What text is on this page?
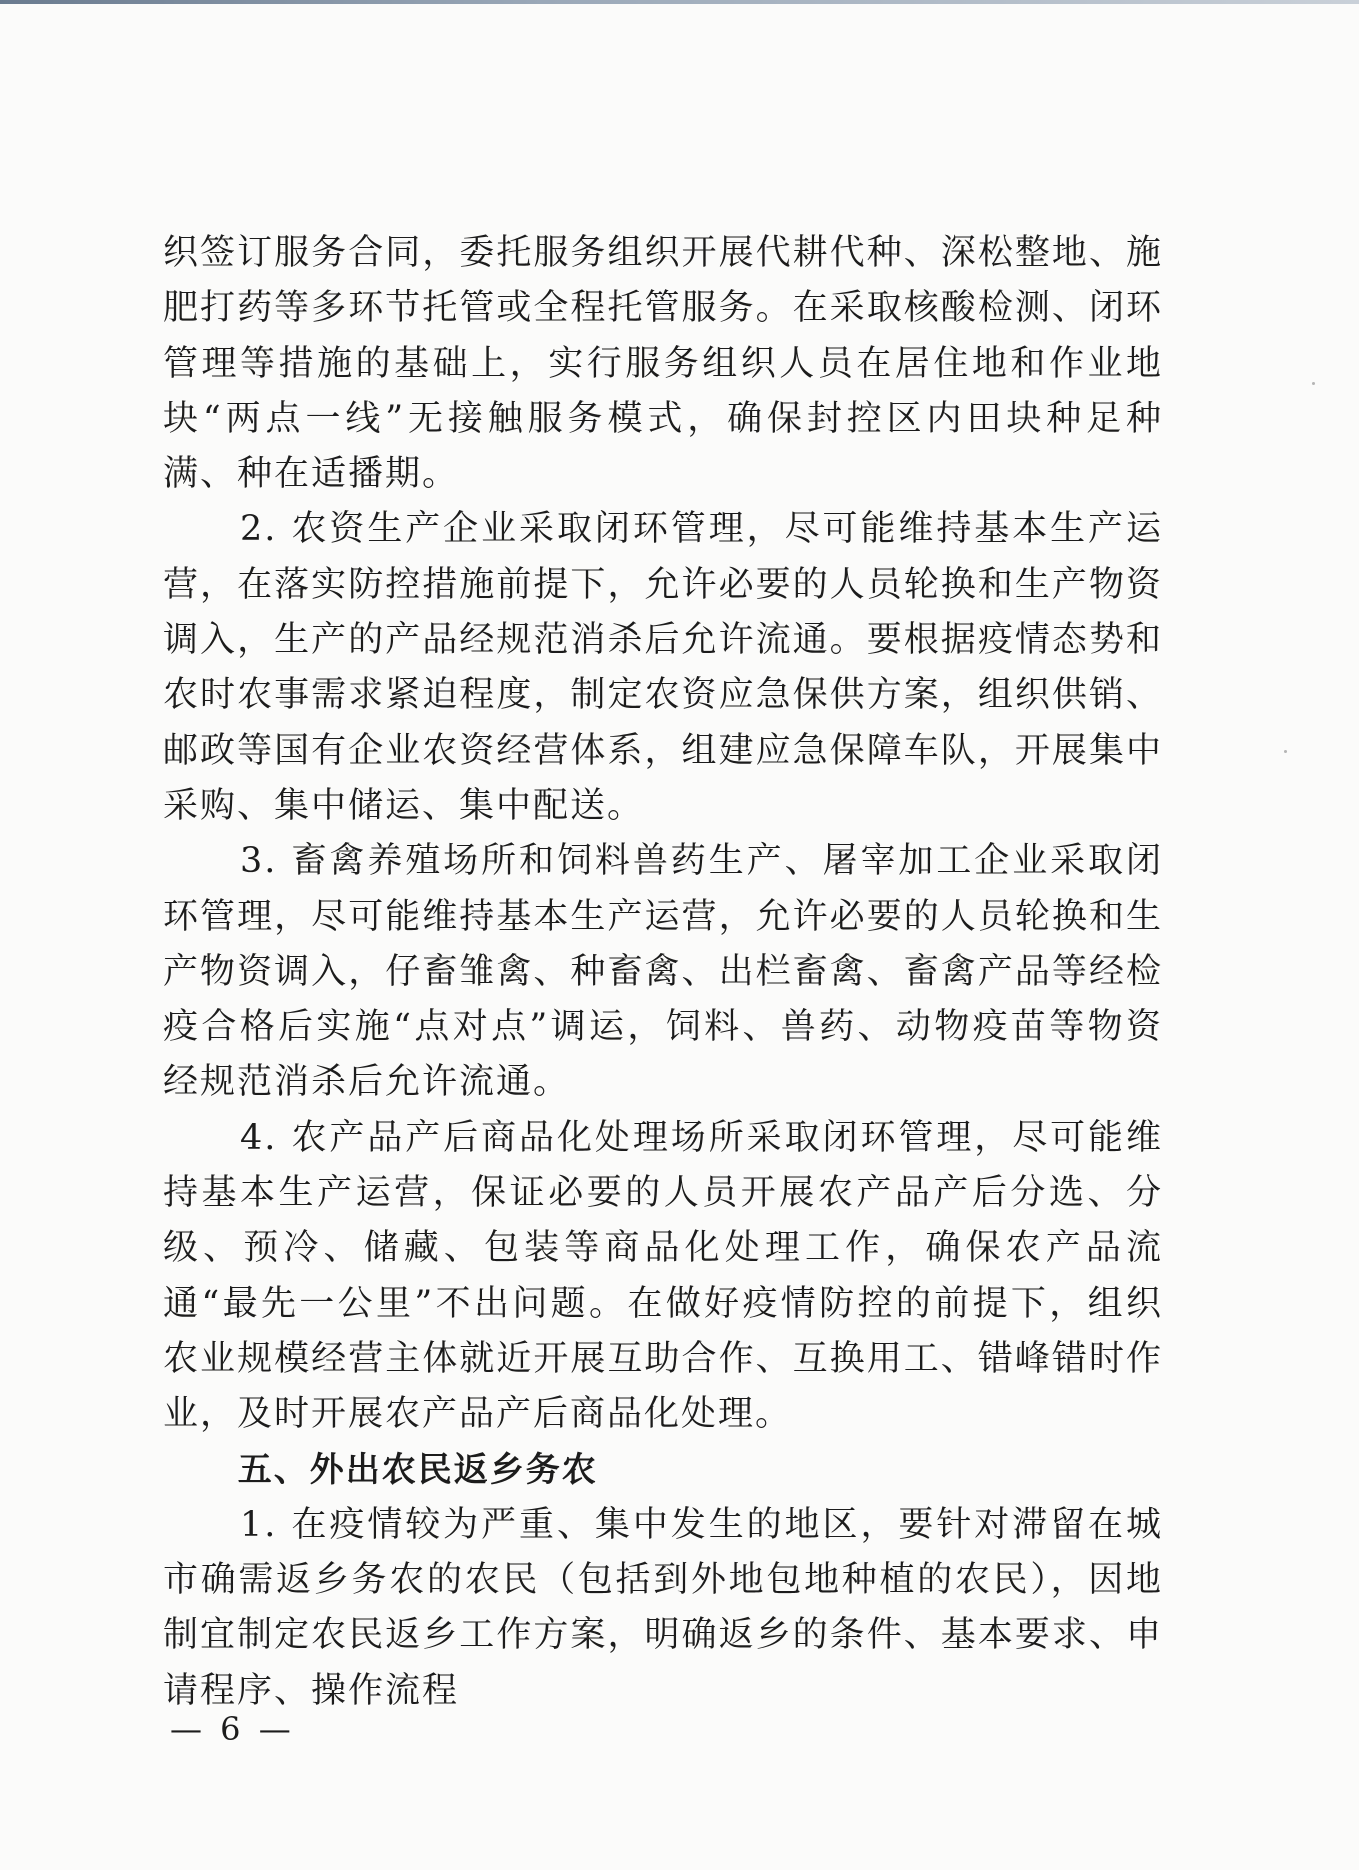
织签订服务合同，委托服务组织开展代耕代种、深松整地、施肥打药等多环节托管或全程托管服务。在采取核酸检测、闭环管理等措施的基础上，实行服务组织人员在居住地和作业地块“两点一线”无接触服务模式，确保封控区内田块种足种满、种在适播期。

2. 农资生产企业采取闭环管理，尽可能维持基本生产运营，在落实防控措施前提下，允许必要的人员轮换和生产物资调入，生产的产品经规范消杀后允许流通。要根据疫情态势和农时农事需求紧迫程度，制定农资应急保供方案，组织供销、邮政等国有企业农资经营体系，组建应急保障车队，开展集中采购、集中储运、集中配送。

3. 畜禽养殖场所和饲料兽药生产、屠宰加工企业采取闭环管理，尽可能维持基本生产运营，允许必要的人员轮换和生产物资调入，仔畜雏禽、种畜禽、出栏畜禽、畜禽产品等经检疫合格后实施“点对点”调运，饲料、兽药、动物疫苗等物资经规范消杀后允许流通。

4. 农产品产后商品化处理场所采取闭环管理，尽可能维持基本生产运营，保证必要的人员开展农产品产后分选、分级、预冷、储藏、包装等商品化处理工作，确保农产品流通“最先一公里”不出问题。在做好疫情防控的前提下，组织农业规模经营主体就近开展互助合作、互换用工、错峰错时作业，及时开展农产品产后商品化处理。

五、外出农民返乡务农

1. 在疫情较为严重、集中发生的地区，要针对滞留在城市确需返乡务农的农民（包括到外地包地种植的农民），因地制宜制定农民返乡工作方案，明确返乡的条件、基本要求、申请程序、操作流程

— 6 —
